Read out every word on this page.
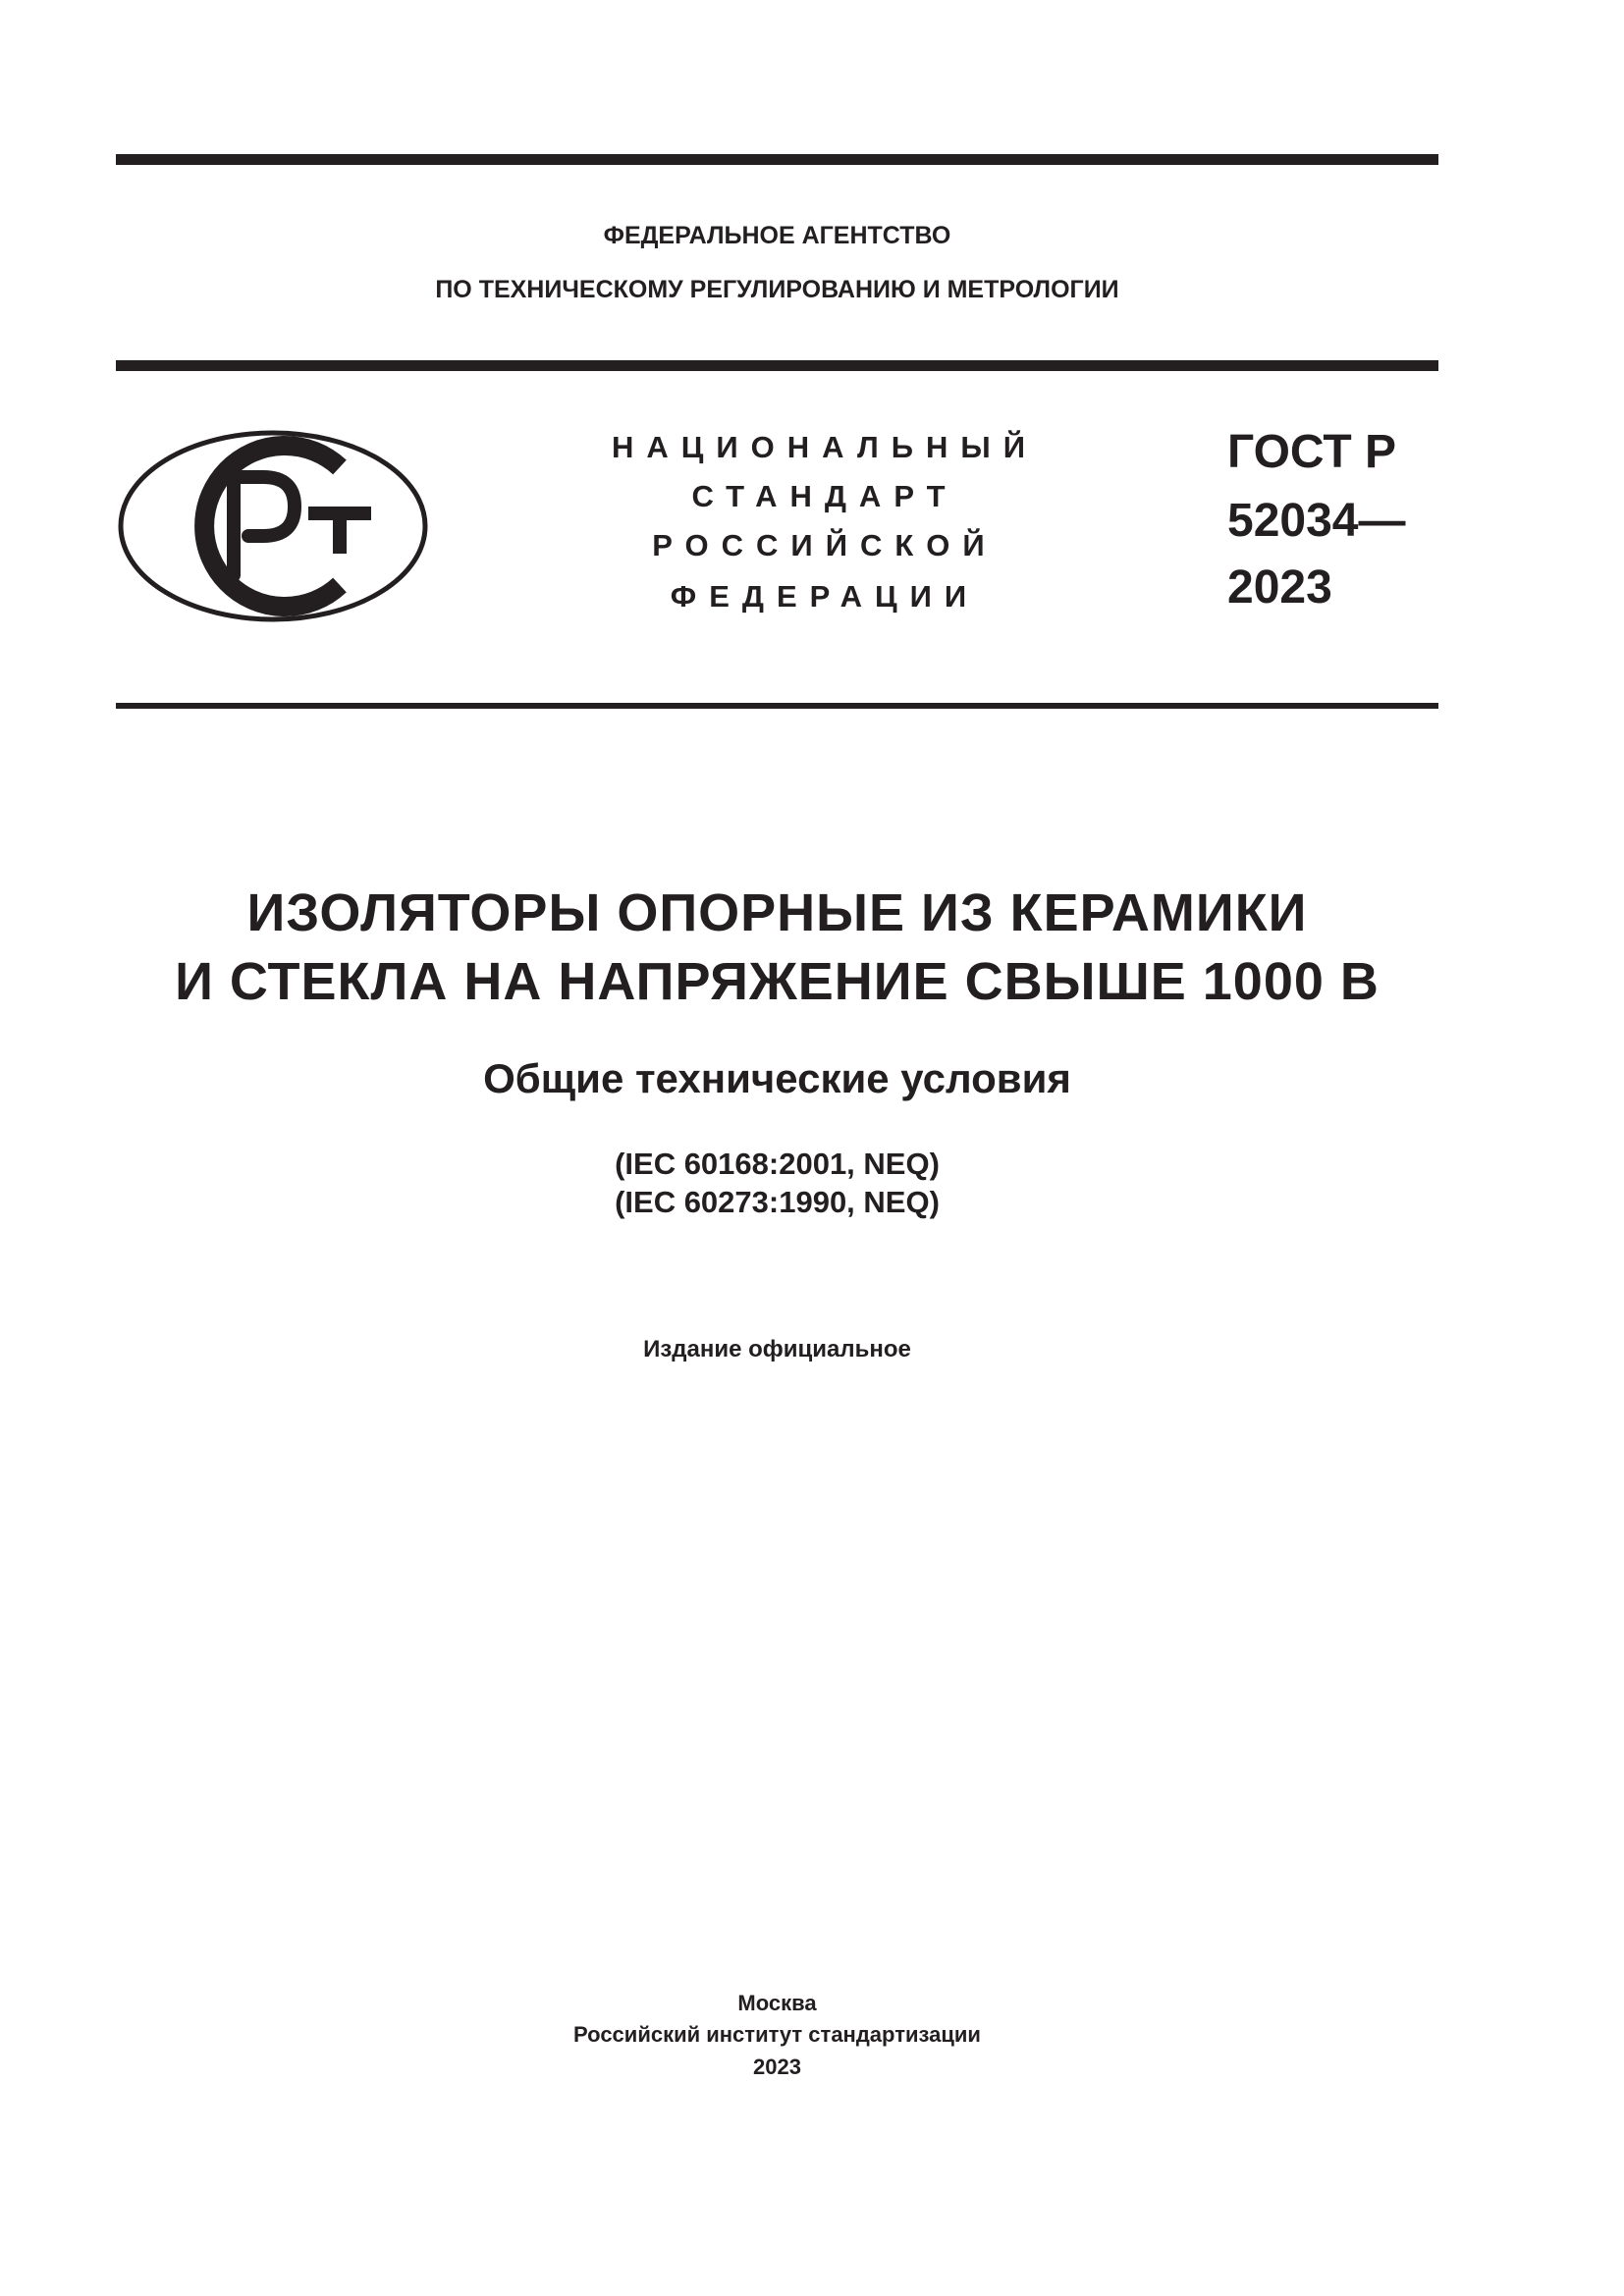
ФЕДЕРАЛЬНОЕ АГЕНТСТВО
ПО ТЕХНИЧЕСКОМУ РЕГУЛИРОВАНИЮ И МЕТРОЛОГИИ
НАЦИОНАЛЬНЫЙ
СТАНДАРТ
РОССИЙСКОЙ
ФЕДЕРАЦИИ
ГОСТ Р
52034—
2023
ИЗОЛЯТОРЫ ОПОРНЫЕ ИЗ КЕРАМИКИ
И СТЕКЛА НА НАПРЯЖЕНИЕ СВЫШЕ 1000 В
Общие технические условия
(IEC 60168:2001, NEQ)
(IEC 60273:1990, NEQ)
Издание официальное
Москва
Российский институт стандартизации
2023
